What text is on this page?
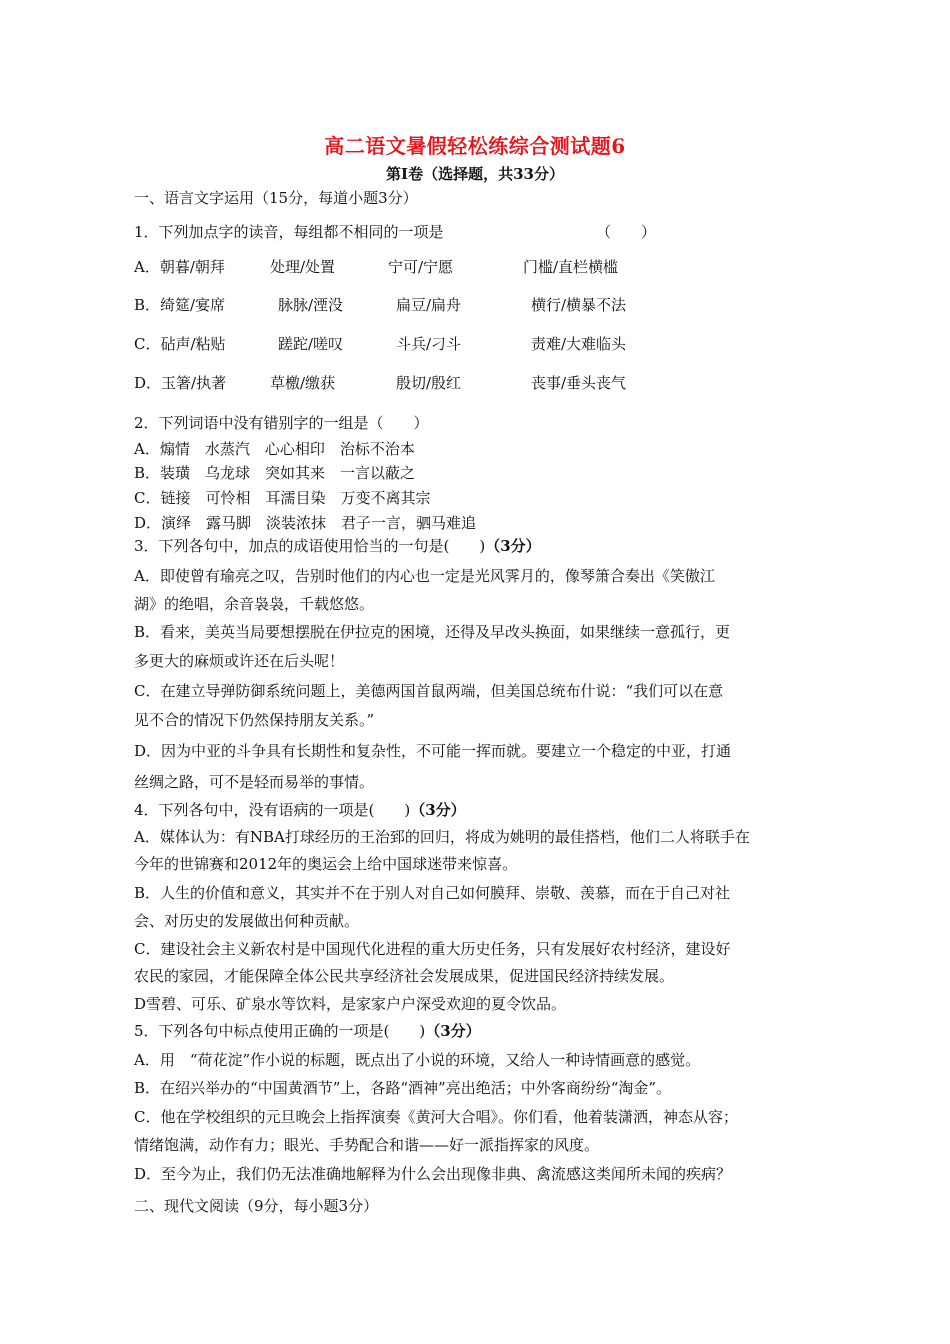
高二语文暑假轻松练综合测试题6
第Ⅰ卷（选择题，共33分）
一、语言文字运用（15分，每道小题3分）
1．下列加点字的读音，每组都不相同的一项是	（　　）
A．朝暮/朝拜	处理/处置	宁可/宁愿	门槛/直栏横槛
B．绮筵/宴席	脉脉/湮没	扁豆/扁舟	横行/横暴不法
C．砧声/粘贴	蹉跎/嗟叹	斗兵/刁斗	责难/大难临头
D．玉箸/执著	草檄/缴获	殷切/殷红	丧事/垂头丧气
2．下列词语中没有错别字的一组是（　　）
A．煽情　水蒸汽　心心相印　治标不治本
B．装璜　乌龙球　突如其来　一言以蔽之
C．链接　可怜相　耳濡目染　万变不离其宗
D．演绎　露马脚　淡装浓抹　君子一言，驷马难追
3．下列各句中，加点的成语使用恰当的一句是(　　)（3分）
A．即使曾有瑜亮之叹，告别时他们的内心也一定是光风霁月的，像琴箫合奏出《笑傲江
湖》的绝唱，余音袅袅，千载悠悠。
B．看来，美英当局要想摆脱在伊拉克的困境，还得及早改头换面，如果继续一意孤行，更
多更大的麻烦或许还在后头呢！
C．在建立导弹防御系统问题上，美德两国首鼠两端，但美国总统布什说：“我们可以在意
见不合的情况下仍然保持朋友关系。”
D．因为中亚的斗争具有长期性和复杂性，不可能一挥而就。要建立一个稳定的中亚，打通
丝绸之路，可不是轻而易举的事情。
4．下列各句中，没有语病的一项是(　　)（3分）
A．媒体认为：有NBA打球经历的王治郅的回归，将成为姚明的最佳搭档，他们二人将联手在
今年的世锦赛和2012年的奥运会上给中国球迷带来惊喜。
B．人生的价值和意义，其实并不在于别人对自己如何膜拜、崇敬、羡慕，而在于自己对社
会、对历史的发展做出何种贡献。
C．建设社会主义新农村是中国现代化进程的重大历史任务，只有发展好农村经济，建设好
农民的家园，才能保障全体公民共享经济社会发展成果，促进国民经济持续发展。
D雪碧、可乐、矿泉水等饮料，是家家户户深受欢迎的夏令饮品。
5．下列各句中标点使用正确的一项是(　　)（3分）
A．用　“荷花淀”作小说的标题，既点出了小说的环境，又给人一种诗情画意的感觉。
B．在绍兴举办的“中国黄酒节”上，各路“酒神”亮出绝活；中外客商纷纷“淘金”。
C．他在学校组织的元旦晚会上指挥演奏《黄河大合唱》。你们看，他着装潇洒，神态从容；
情绪饱满，动作有力；眼光、手势配合和谐——好一派指挥家的风度。
D．至今为止，我们仍无法准确地解释为什么会出现像非典、禽流感这类闻所未闻的疾病？
二、现代文阅读（9分，每小题3分）
